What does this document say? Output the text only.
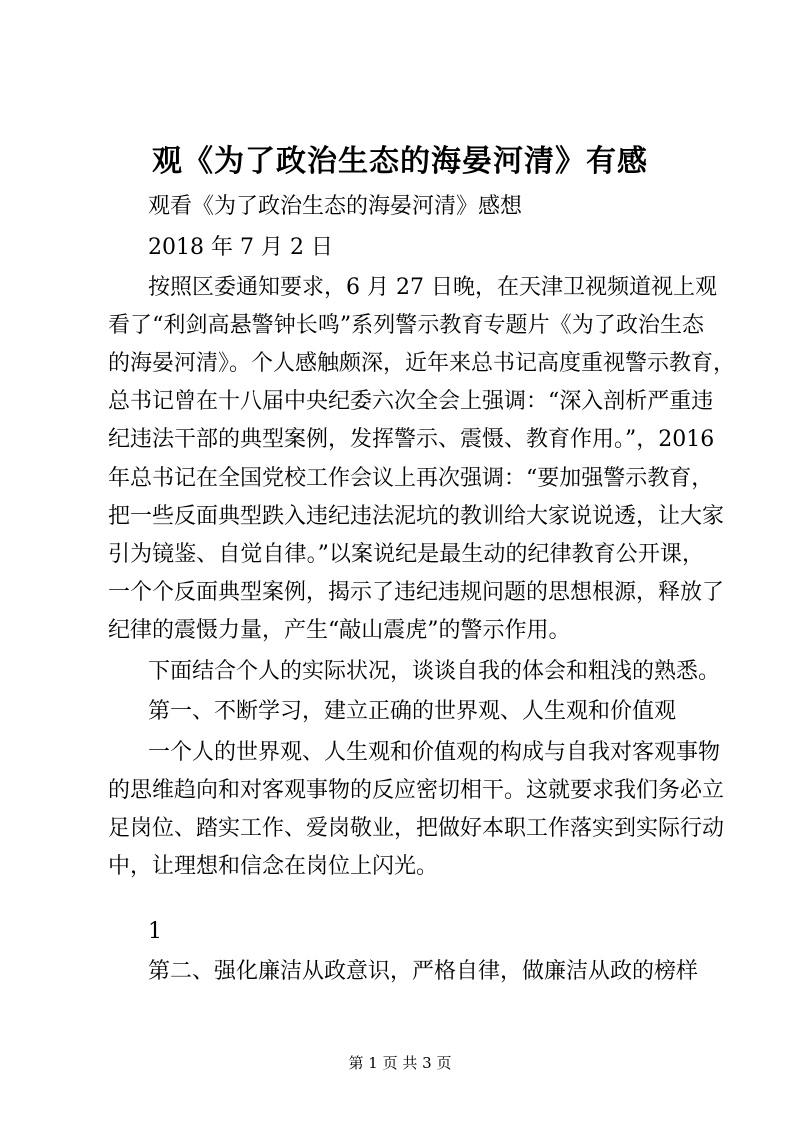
观《为了政治生态的海晏河清》有感
观看《为了政治生态的海晏河清》感想
2018 年 7 月 2 日
按照区委通知要求，6 月 27 日晚，在天津卫视频道视上观
看了“利剑高悬警钟长鸣”系列警示教育专题片《为了政治生态
的海晏河清》。个人感触颇深，近年来总书记高度重视警示教育，
总书记曾在十八届中央纪委六次全会上强调：“深入剖析严重违
纪违法干部的典型案例，发挥警示、震慑、教育作用。”，2016
年总书记在全国党校工作会议上再次强调：“要加强警示教育，
把一些反面典型跌入违纪违法泥坑的教训给大家说说透，让大家
引为镜鉴、自觉自律。”以案说纪是最生动的纪律教育公开课，
一个个反面典型案例，揭示了违纪违规问题的思想根源，释放了
纪律的震慑力量，产生“敲山震虎”的警示作用。
下面结合个人的实际状况，谈谈自我的体会和粗浅的熟悉。
第一、不断学习，建立正确的世界观、人生观和价值观
一个人的世界观、人生观和价值观的构成与自我对客观事物
的思维趋向和对客观事物的反应密切相干。这就要求我们务必立
足岗位、踏实工作、爱岗敬业，把做好本职工作落实到实际行动
中，让理想和信念在岗位上闪光。
1
第二、强化廉洁从政意识，严格自律，做廉洁从政的榜样
第 1 页 共 3 页
